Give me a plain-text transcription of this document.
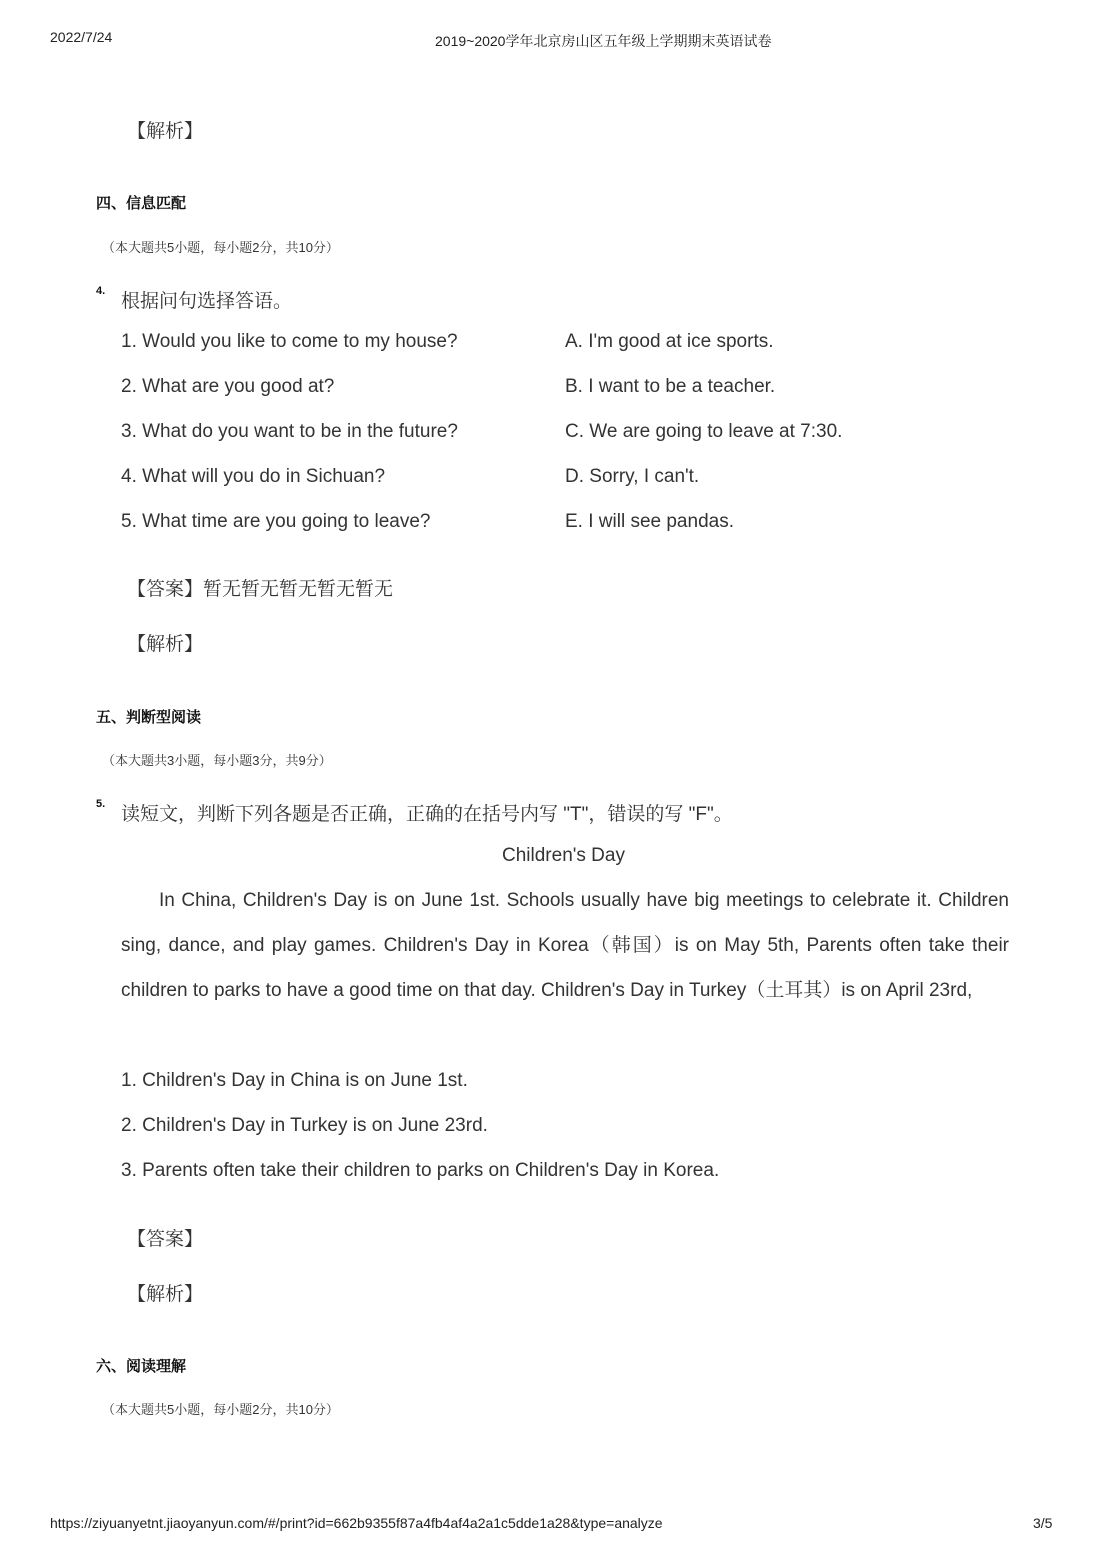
2022/7/24	2019~2020学年北京房山区五年级上学期期末英语试卷
【解析】
四、信息匹配
（本大题共5小题，每小题2分，共10分）
4. 根据问句选择答语。
1. Would you like to come to my house?
2. What are you good at?
3. What do you want to be in the future?
4. What will you do in Sichuan?
5. What time are you going to leave?
A. I'm good at ice sports.
B. I want to be a teacher.
C. We are going to leave at 7:30.
D. Sorry, I can't.
E. I will see pandas.
【答案】暂无暂无暂无暂无暂无
【解析】
五、判断型阅读
（本大题共3小题，每小题3分，共9分）
5. 读短文，判断下列各题是否正确，正确的在括号内写 "T"，错误的写 "F"。
Children's Day
In China, Children's Day is on June 1st. Schools usually have big meetings to celebrate it. Children sing, dance, and play games. Children's Day in Korea（韩国）is on May 5th, Parents often take their children to parks to have a good time on that day. Children's Day in Turkey（土耳其）is on April 23rd,
1. Children's Day in China is on June 1st.
2. Children's Day in Turkey is on June 23rd.
3. Parents often take their children to parks on Children's Day in Korea.
【答案】
【解析】
六、阅读理解
（本大题共5小题，每小题2分，共10分）
https://ziyuanyetnt.jiaoyanyun.com/#/print?id=662b9355f87a4fb4af4a2a1c5dde1a28&type=analyze	3/5
